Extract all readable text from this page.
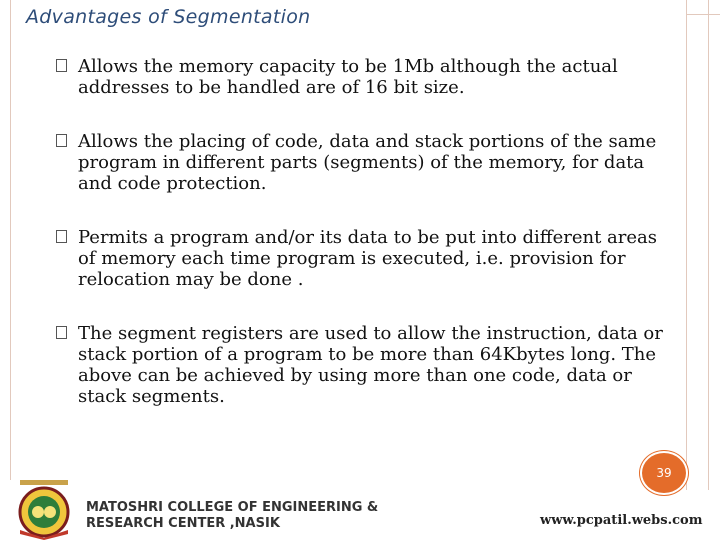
Advantages of Segmentation
Allows the memory capacity to be 1Mb although the actual addresses to be handled are of 16 bit size.
Allows the placing of code, data and stack portions of the same program in different parts (segments) of the memory, for data and code protection.
Permits a program and/or its data to be put into different areas of memory each time program is executed, i.e. provision for relocation may be done .
The segment registers are used to allow the instruction, data or stack portion of a program to be more than 64Kbytes long. The above can be achieved by using more than one code, data or stack segments.
39
MATOSHRI COLLEGE OF ENGINEERING &
RESEARCH CENTER ,NASIK	www.pcpatil.webs.com
